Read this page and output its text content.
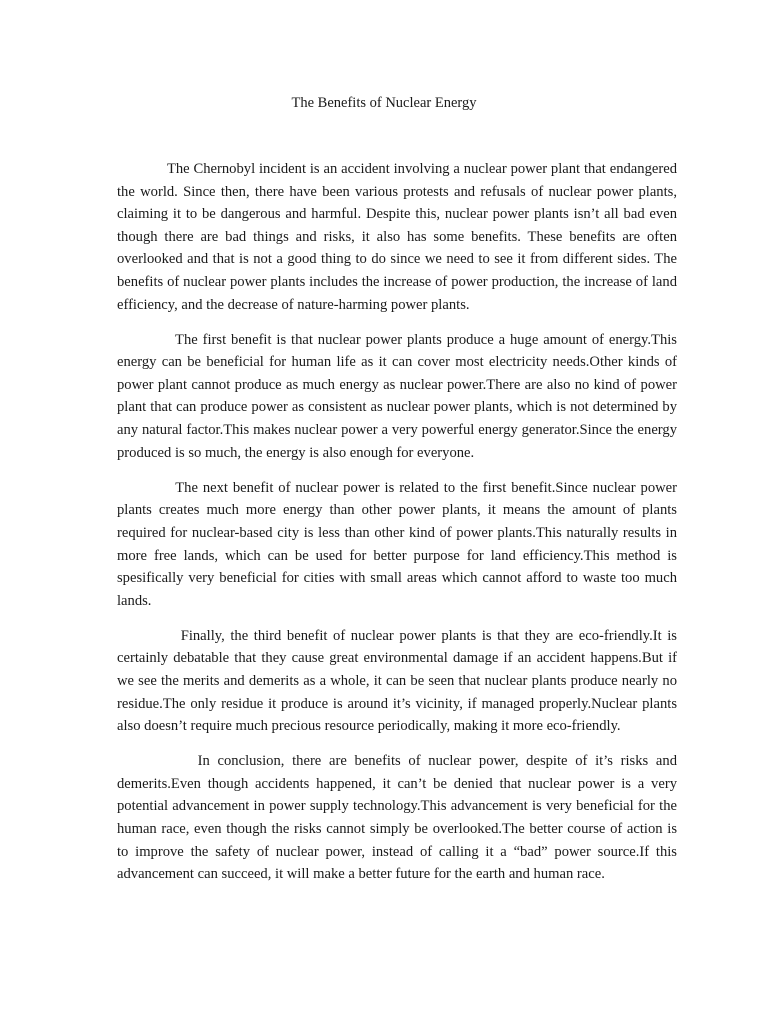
The Benefits of Nuclear Energy

The Chernobyl incident is an accident involving a nuclear power plant that endangered the world. Since then, there have been various protests and refusals of nuclear power plants, claiming it to be dangerous and harmful. Despite this, nuclear power plants isn’t all bad even though there are bad things and risks, it also has some benefits. These benefits are often overlooked and that is not a good thing to do since we need to see it from different sides. The benefits of nuclear power plants includes the increase of power production, the increase of land efficiency, and the decrease of nature-harming power plants.

The first benefit is that nuclear power plants produce a huge amount of energy.This energy can be beneficial for human life as it can cover most electricity needs.Other kinds of power plant cannot produce as much energy as nuclear power.There are also no kind of power plant that can produce power as consistent as nuclear power plants, which is not determined by any natural factor.This makes nuclear power a very powerful energy generator.Since the energy produced is so much, the energy is also enough for everyone.

The next benefit of nuclear power is related to the first benefit.Since nuclear power plants creates much more energy than other power plants, it means the amount of plants required for nuclear-based city is less than other kind of power plants.This naturally results in more free lands, which can be used for better purpose for land efficiency.This method is spesifically very beneficial for cities with small areas which cannot afford to waste too much lands.

Finally, the third benefit of nuclear power plants is that they are eco-friendly.It is certainly debatable that they cause great environmental damage if an accident happens.But if we see the merits and demerits as a whole, it can be seen that nuclear plants produce nearly no residue.The only residue it produce is around it’s vicinity, if managed properly.Nuclear plants also doesn’t require much precious resource periodically, making it more eco-friendly.

In conclusion, there are benefits of nuclear power, despite of it’s risks and demerits.Even though accidents happened, it can’t be denied that nuclear power is a very potential advancement in power supply technology.This advancement is very beneficial for the human race, even though the risks cannot simply be overlooked.The better course of action is to improve the safety of nuclear power, instead of calling it a “bad” power source.If this advancement can succeed, it will make a better future for the earth and human race.
